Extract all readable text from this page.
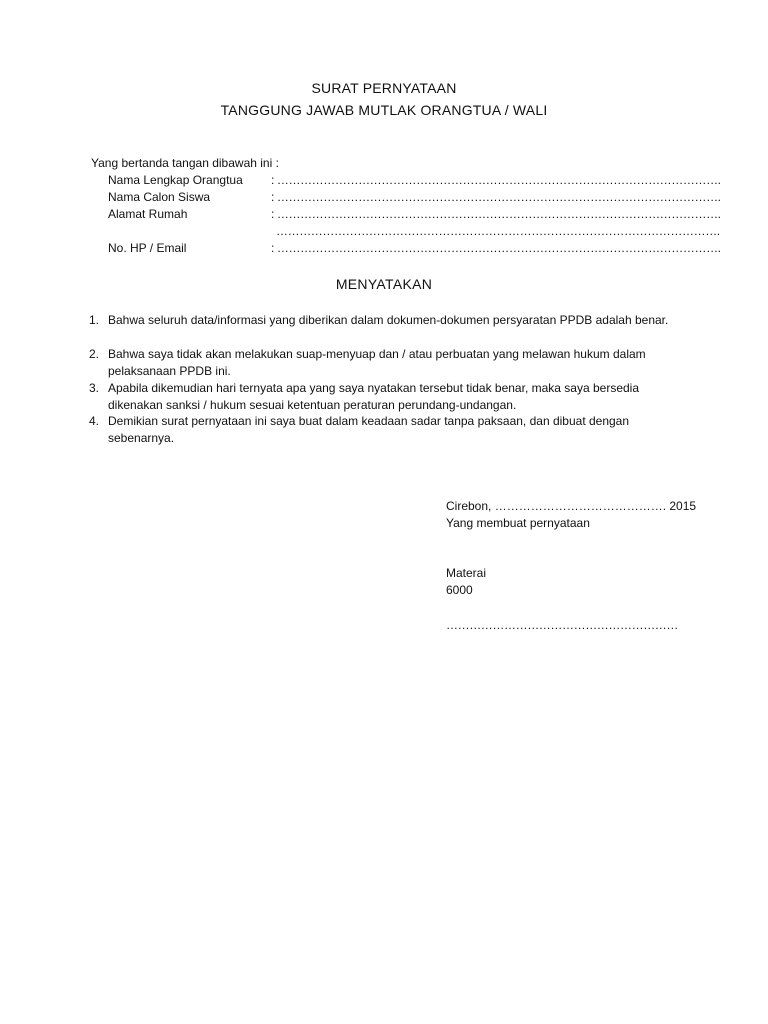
SURAT PERNYATAAN
TANGGUNG JAWAB MUTLAK ORANGTUA / WALI
Yang bertanda tangan dibawah ini :
Nama Lengkap Orangtua : …………………………………………………………………………………………………….
Nama Calon Siswa	: …………………………………………………………………………………………………….
Alamat Rumah	: …………………………………………………………………………………………………….
…………………………………………………………………………………………………….
No. HP / Email	: …………………………………………………………………………………………………….
MENYATAKAN
1. Bahwa seluruh data/informasi yang diberikan dalam dokumen-dokumen persyaratan PPDB adalah benar.
2. Bahwa saya tidak akan melakukan suap-menyuap dan / atau perbuatan yang melawan hukum dalam pelaksanaan PPDB ini.
3. Apabila dikemudian hari ternyata apa yang saya nyatakan tersebut tidak benar, maka saya bersedia dikenakan sanksi / hukum sesuai ketentuan peraturan perundang-undangan.
4. Demikian surat pernyataan ini saya buat dalam keadaan sadar tanpa paksaan, dan dibuat dengan sebenarnya.
Cirebon, ……………………………………. 2015
Yang membuat pernyataan
Materai
6000
……………………………………………………
